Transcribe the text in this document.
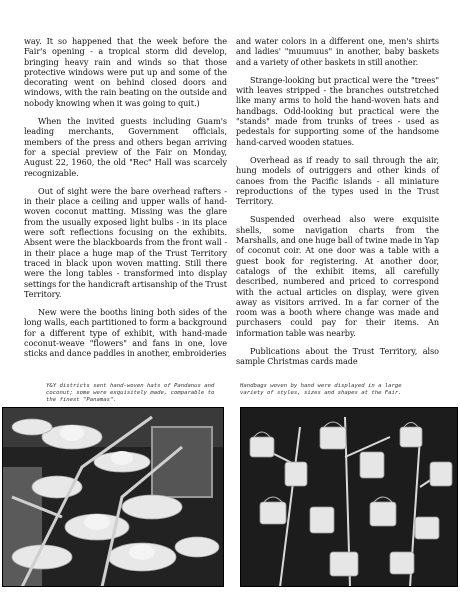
way. It so happened that the week before the Fair's opening - a tropical storm did develop, bringing heavy rain and winds so that those protective windows were put up and some of the decorating went on behind closed doors and windows, with the rain beating on the outside and nobody knowing when it was going to quit.)

When the invited guests including Guam's leading merchants, Government officials, members of the press and others began arriving for a special preview of the Fair on Monday, August 22, 1960, the old "Rec" Hall was scarcely recognizable.

Out of sight were the bare overhead rafters - in their place a ceiling and upper walls of hand-woven coconut matting. Missing was the glare from the usually exposed light bulbs - in its place were soft reflections focusing on the exhibits. Absent were the blackboards from the front wall - in their place a huge map of the Trust Territory traced in black upon woven matting. Still there were the long tables - transformed into display settings for the handicraft artisanship of the Trust Territory.

New were the booths lining both sides of the long walls, each partitioned to form a background for a different type of exhibit, with hand-made coconut-weave "flowers" and fans in one, love sticks and dance paddles in another, embroideries

and water colors in a different one, men's shirts and ladies' "muumuus" in another, baby baskets and a variety of other baskets in still another.

Strange-looking but practical were the "trees" with leaves stripped - the branches outstretched like many arms to hold the hand-woven hats and handbags. Odd-looking but practical were the "stands" made from trunks of trees - used as pedestals for supporting some of the handsome hand-carved wooden statues.

Overhead as if ready to sail through the air, hung models of outriggers and other kinds of canoes from the Pacific islands - all miniature reproductions of the types used in the Trust Territory.

Suspended overhead also were exquisite shells, some navigation charts from the Marshalls, and one huge ball of twine made in Yap of coconut coir. At one door was a table with a guest book for registering. At another door, catalogs of the exhibit items, all carefully described, numbered and priced to correspond with the actual articles on display, were given away as visitors arrived. In a far corner of the room was a booth where change was made and purchasers could pay for their items. An information table was nearby.

Publications about the Trust Territory, also sample Christmas cards made

Y&Y districts sent hand-woven hats of Pandanus and coconut; some were exquisitely made, comparable to the finest "Panamas".
Handbags woven by hand were displayed in a large variety of styles, sizes and shapes at the Fair.
